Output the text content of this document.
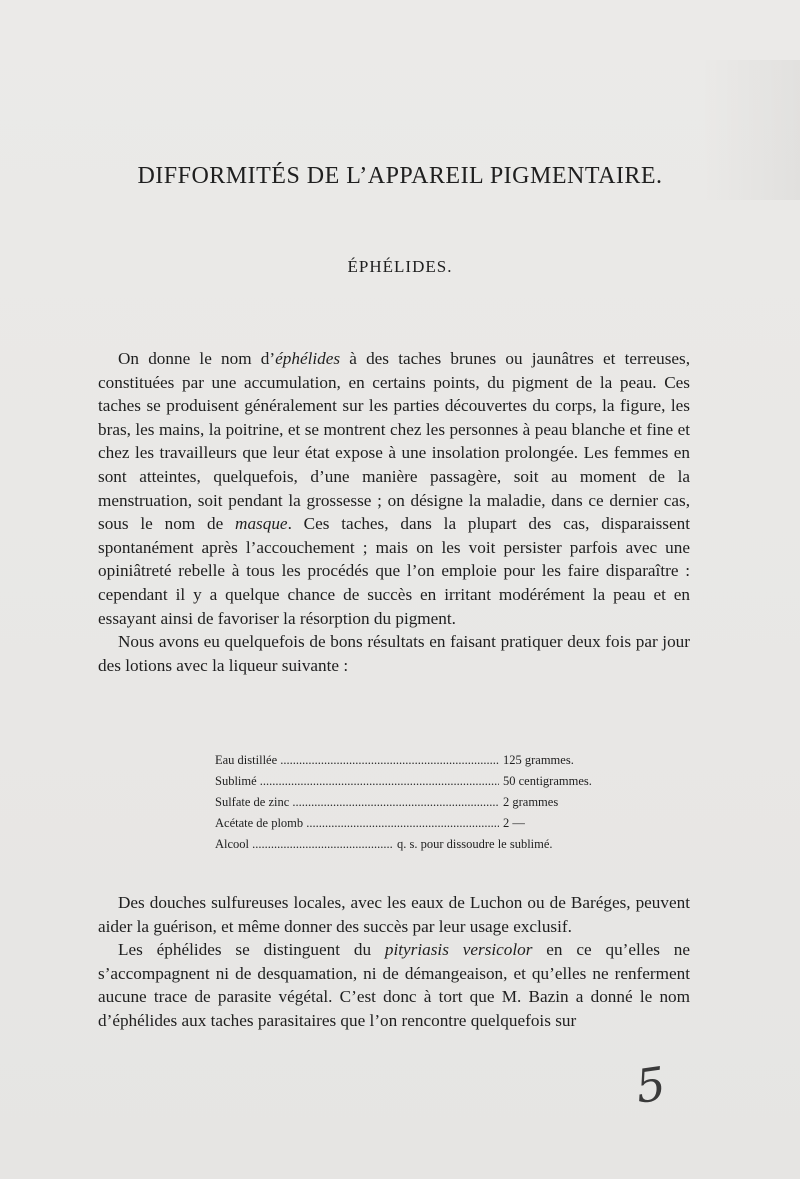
DIFFORMITÉS DE L’APPAREIL PIGMENTAIRE.
ÉPHÉLIDES.

On donne le nom d’éphélides à des taches brunes ou jaunâtres et terreuses, constituées par une accumulation, en certains points, du pigment de la peau. Ces taches se produisent généralement sur les parties découvertes du corps, la figure, les bras, les mains, la poitrine, et se montrent chez les personnes à peau blanche et fine et chez les travailleurs que leur état expose à une insolation prolongée. Les femmes en sont atteintes, quelquefois, d’une manière passagère, soit au moment de la menstruation, soit pendant la grossesse ; on désigne la maladie, dans ce dernier cas, sous le nom de masque. Ces taches, dans la plupart des cas, disparaissent spontanément après l’accouchement ; mais on les voit persister parfois avec une opiniâtreté rebelle à tous les procédés que l’on emploie pour les faire disparaître : cependant il y a quelque chance de succès en irritant modérément la peau et en essayant ainsi de favoriser la résorption du pigment.

Nous avons eu quelquefois de bons résultats en faisant pratiquer deux fois par jour des lotions avec la liqueur suivante :

Eau distillée .....	125 grammes.
Sublimé .....	50 centigrammes.
Sulfate de zinc .....	2 grammes
Acétate de plomb .....	2 —
Alcool .....	q. s. pour dissoudre le sublimé.

Des douches sulfureuses locales, avec les eaux de Luchon ou de Baréges, peuvent aider la guérison, et même donner des succès par leur usage exclusif.

Les éphélides se distinguent du pityriasis versicolor en ce qu’elles ne s’accompagnent ni de desquamation, ni de démangeaison, et qu’elles ne renferment aucune trace de parasite végétal. C’est donc à tort que M. Bazin a donné le nom d’éphélides aux taches parasitaires que l’on rencontre quelquefois sur

5
